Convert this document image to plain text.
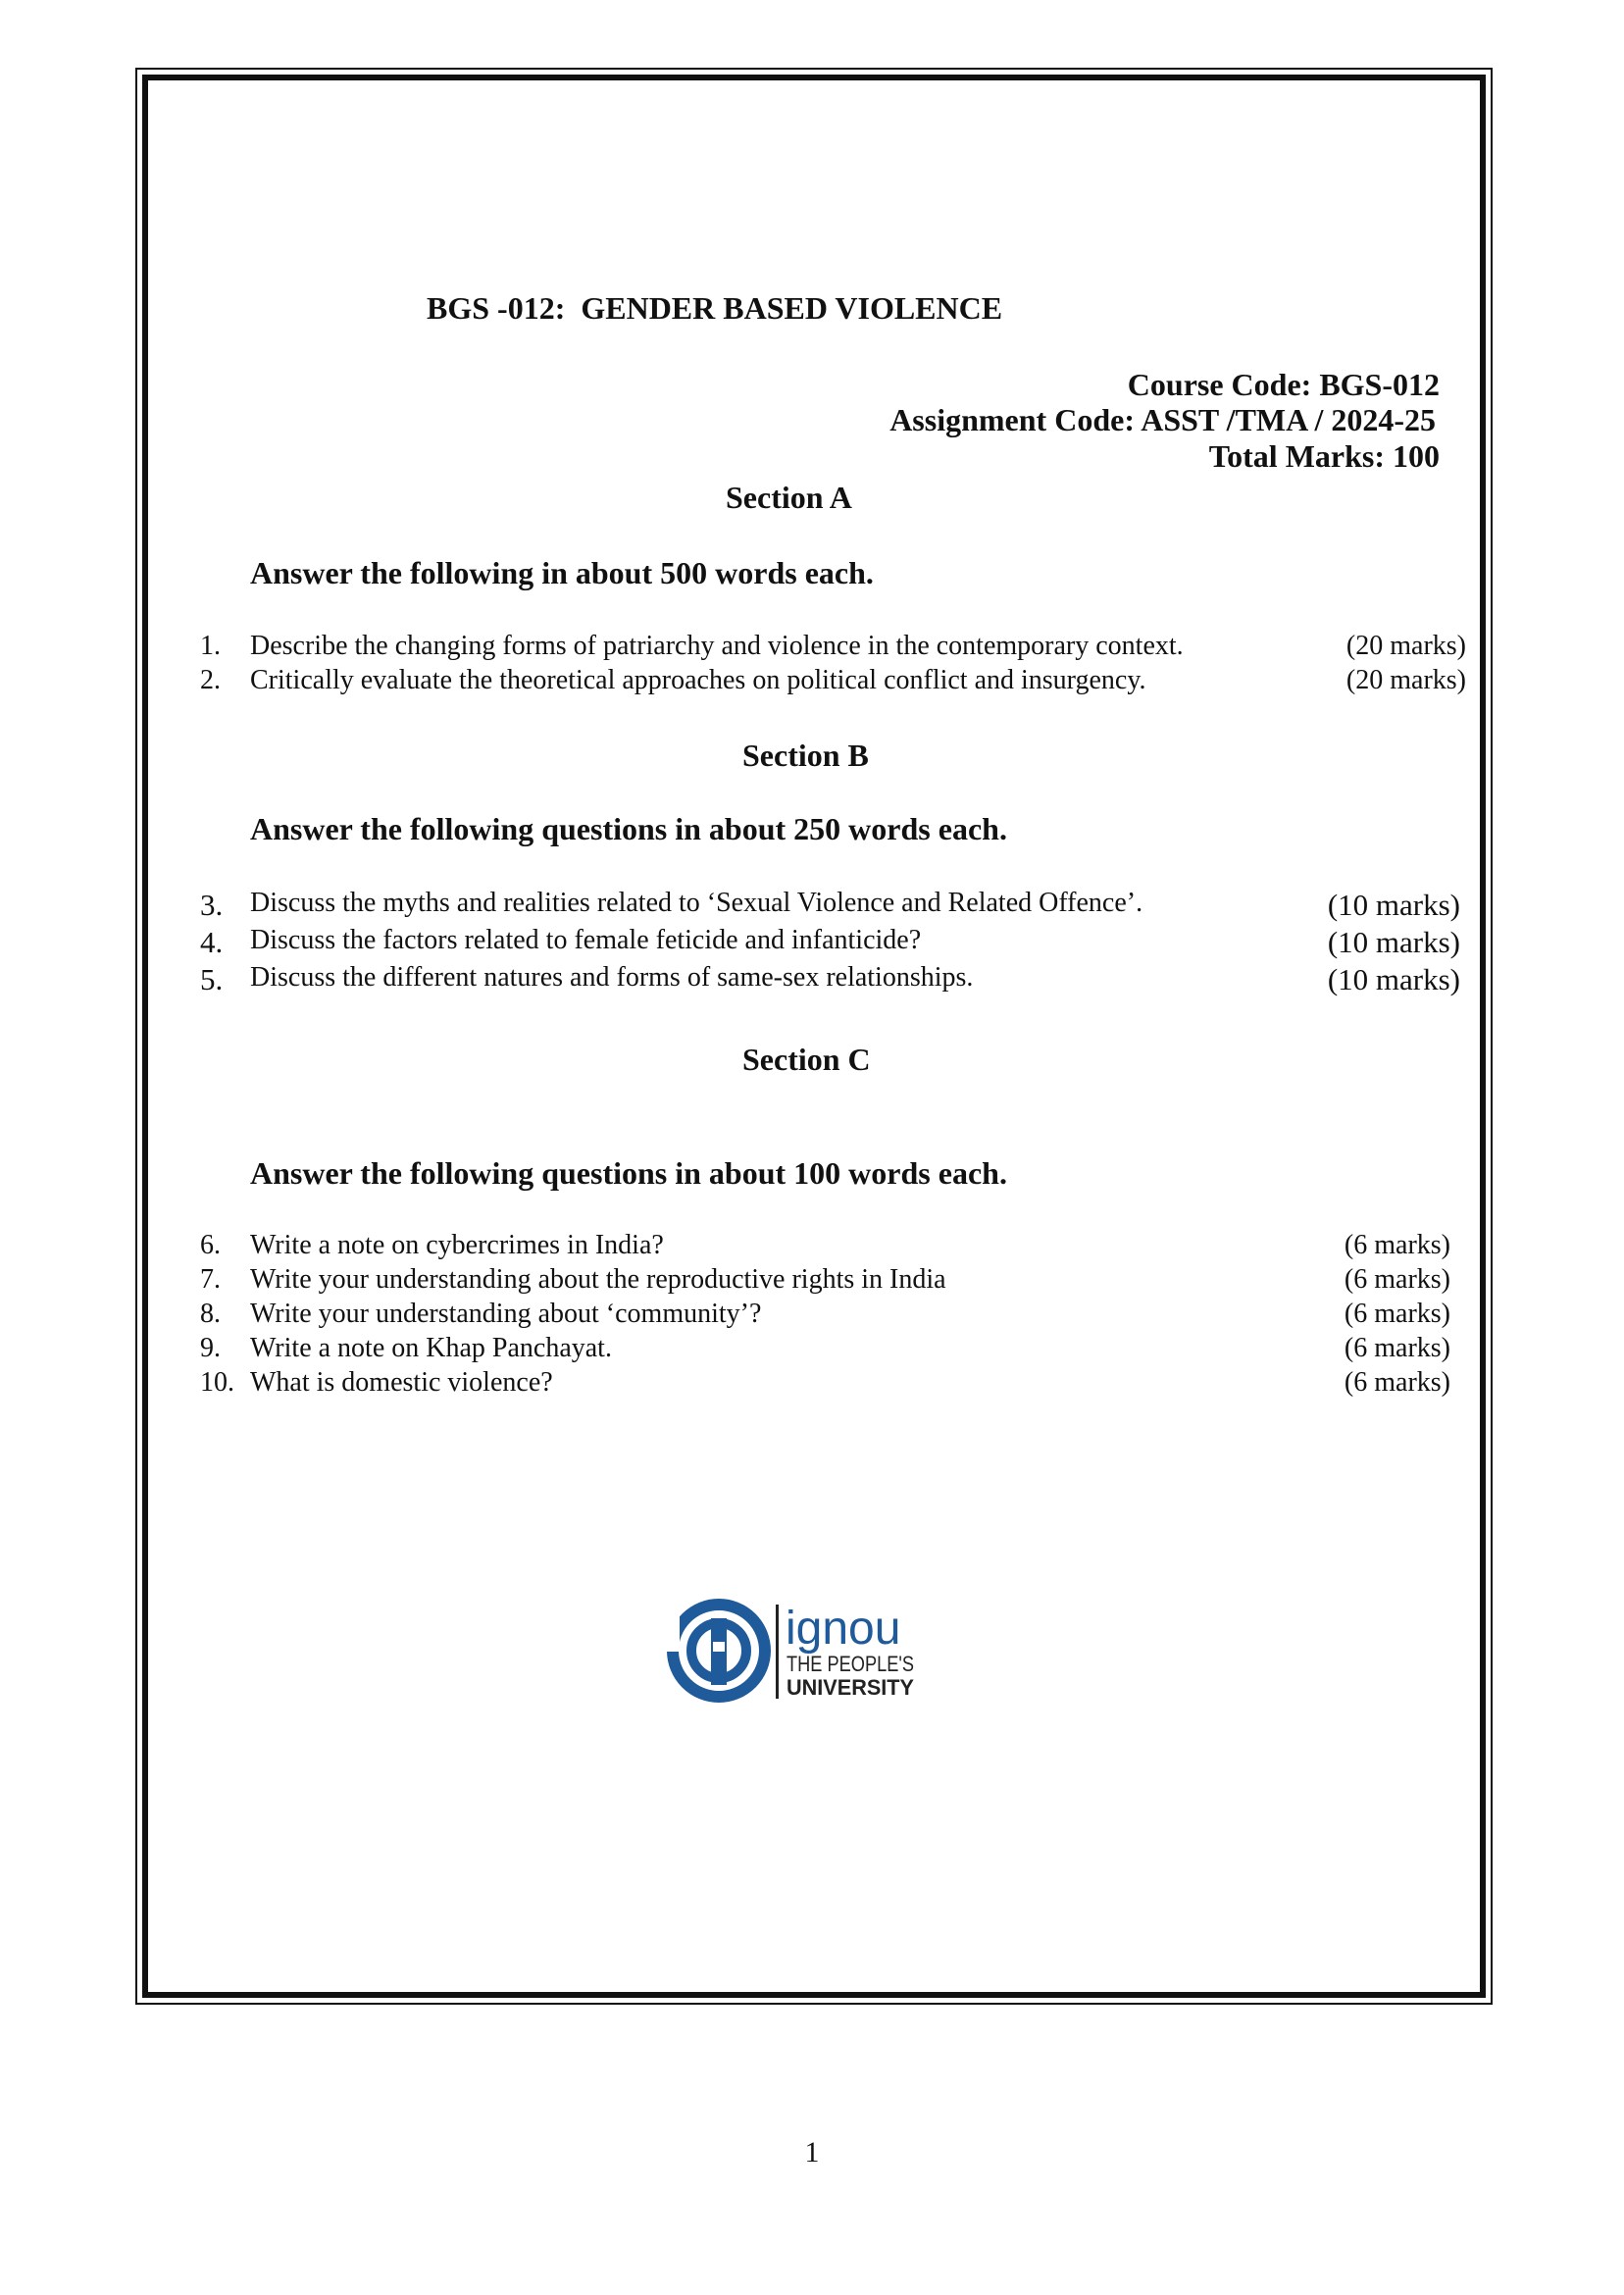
BGS -012:  GENDER BASED VIOLENCE
Course Code: BGS-012
Assignment Code: ASST /TMA / 2024-25
Total Marks: 100
Section A
Answer the following in about 500 words each.
1. Describe the changing forms of patriarchy and violence in the contemporary context.	(20 marks)
2. Critically evaluate the theoretical approaches on political conflict and insurgency.	(20 marks)
Section B
Answer the following questions in about 250 words each.
3. Discuss the myths and realities related to ‘Sexual Violence and Related Offence’.	(10 marks)
4. Discuss the factors related to female feticide and infanticide?	(10 marks)
5. Discuss the different natures and forms of same-sex relationships.	(10 marks)
Section C
Answer the following questions in about 100 words each.
6. Write a note on cybercrimes in India?	(6 marks)
7. Write your understanding about the reproductive rights in India	(6 marks)
8. Write your understanding about ‘community’?	(6 marks)
9. Write a note on Khap Panchayat.	(6 marks)
10. What is domestic violence?	(6 marks)
ignou
THE PEOPLE'S
UNIVERSITY
1
